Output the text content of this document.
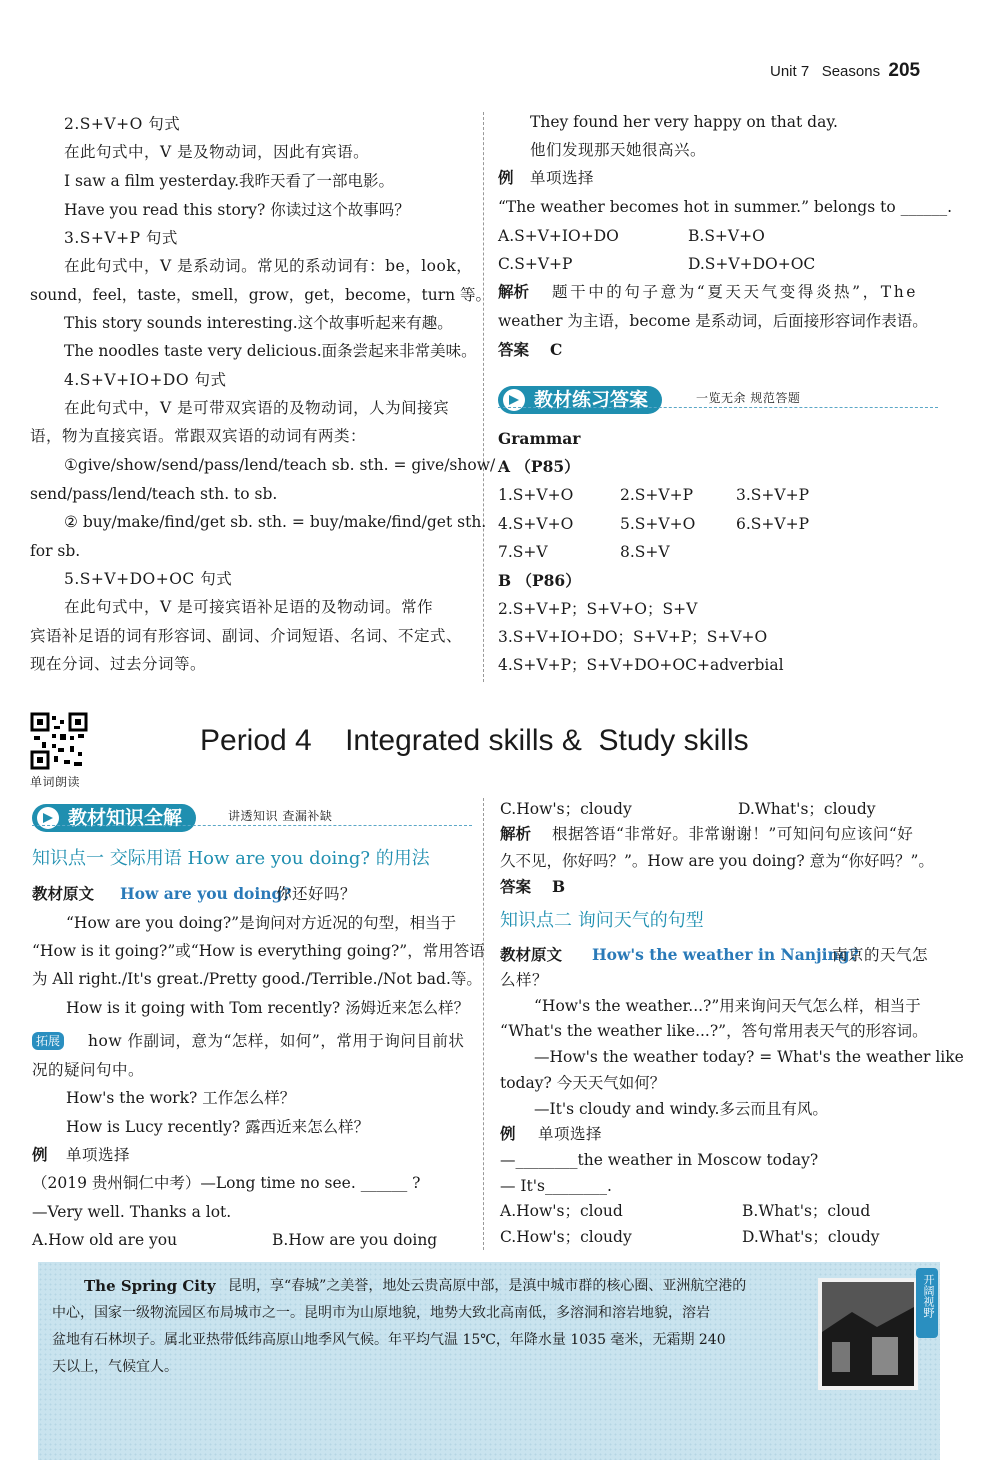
Unit 7 Seasons 205
2.S+V+O 句式
在此句式中，V 是及物动词，因此有宾语。
I saw a film yesterday.我昨天看了一部电影。
Have you read this story? 你读过这个故事吗？
3.S+V+P 句式
在此句式中，V 是系动词。常见的系动词有：be，look，
sound，feel，taste，smell，grow，get，become，turn 等。
This story sounds interesting.这个故事听起来有趣。
The noodles taste very delicious.面条尝起来非常美味。
4.S+V+IO+DO 句式
在此句式中，V 是可带双宾语的及物动词，人为间接宾
语，物为直接宾语。常跟双宾语的动词有两类：
①give/show/send/pass/lend/teach sb. sth. = give/show/
send/pass/lend/teach sth. to sb.
② buy/make/find/get sb. sth. = buy/make/find/get sth.
for sb.
5.S+V+DO+OC 句式
在此句式中，V 是可接宾语补足语的及物动词。常作
宾语补足语的词有形容词、副词、介词短语、名词、不定式、
现在分词、过去分词等。
They found her very happy on that day.
他们发现那天她很高兴。
例 单项选择
“The weather becomes hot in summer.” belongs to ______.
A.S+V+IO+DO	B.S+V+O
C.S+V+P	D.S+V+DO+OC
解析 题干中的句子意为“夏天天气变得炎热”，The
weather 为主语，become 是系动词，后面接形容词作表语。
答案 C
教材练习答案	一览无余 规范答题
Grammar
A （P85）
1.S+V+O	2.S+V+P	3.S+V+P
4.S+V+O	5.S+V+O	6.S+V+P
7.S+V	8.S+V
B （P86）
2.S+V+P；S+V+O；S+V
3.S+V+IO+DO；S+V+P；S+V+O
4.S+V+P；S+V+DO+OC+adverbial
单词朗读
Period 4    Integrated skills &  Study skills
教材知识全解	讲透知识 查漏补缺
知识点一 交际用语 How are you doing? 的用法
教材原文 How are you doing?
你还好吗？
“How are you doing?”是询问对方近况的句型，相当于
“How is it going?”或“How is everything going?”，常用答语
为 All right./It's great./Pretty good./Terrible./Not bad.等。
How is it going with Tom recently? 汤姆近来怎么样？
拓展 how 作副词，意为“怎样，如何”，常用于询问目前状
况的疑问句中。
How's the work? 工作怎么样？
How is Lucy recently? 露西近来怎么样？
例 单项选择
（2019 贵州铜仁中考）—Long time no see. ______ ?
—Very well. Thanks a lot.
A.How old are you	B.How are you doing
C.How's；cloudy	D.What's；cloudy
解析 根据答语“非常好。非常谢谢！”可知问句应该问“好
久不见，你好吗？”。How are you doing? 意为“你好吗？”。
答案 B
知识点二 询问天气的句型
教材原文 How's the weather in Nanjing?
南京的天气怎
么样？
“How's the weather...?”用来询问天气怎么样，相当于
“What's the weather like...?”，答句常用表天气的形容词。
—How's the weather today? = What's the weather like
today? 今天天气如何？
—It's cloudy and windy.多云而且有风。
例 单项选择
—________the weather in Moscow today?
— It's________.
A.How's；cloud	B.What's；cloud
C.How's；cloudy	D.What's；cloudy
The Spring City 昆明，享“春城”之美誉，地处云贵高原中部，是滇中城市群的核心圈、亚洲航空港的
中心，国家一级物流园区布局城市之一。昆明市为山原地貌，地势大致北高南低，多溶洞和溶岩地貌，溶岩
盆地有石林坝子。属北亚热带低纬高原山地季风气候。年平均气温 15℃，年降水量 1035 毫米，无霜期 240
天以上，气候宜人。
开阔视野
